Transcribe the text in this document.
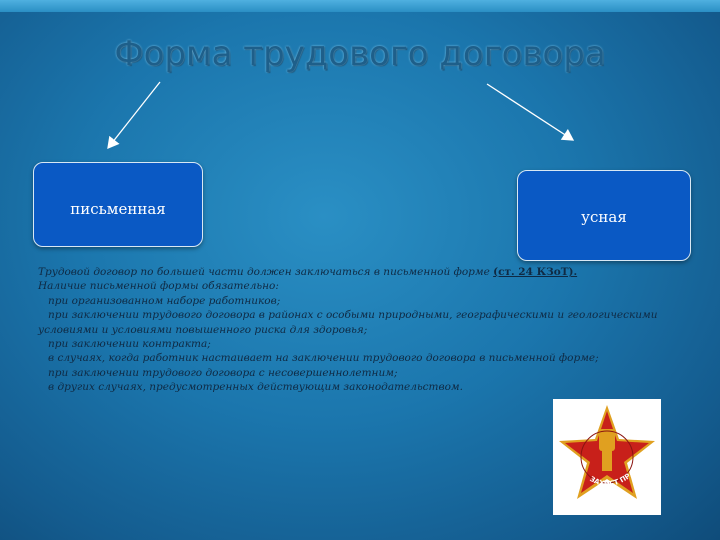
Форма трудового договора
письменная	усная
Трудовой договор по большей части должен заключаться в письменной форме (ст. 24 КЗоТ).
Наличие письменной формы обязательно:
при организованном наборе работников;
при заключении трудового договора в районах с особыми природными, географическими и геологическими
условиями и условиями повышенного риска для здоровья;
при заключении контракта;
в случаях, когда работник настаивает на заключении трудового договора в письменной форме;
при заключении трудового договора с несовершеннолетним;
в других случаях, предусмотренных действующим законодательством.
ЗАХИСТ ПРА
